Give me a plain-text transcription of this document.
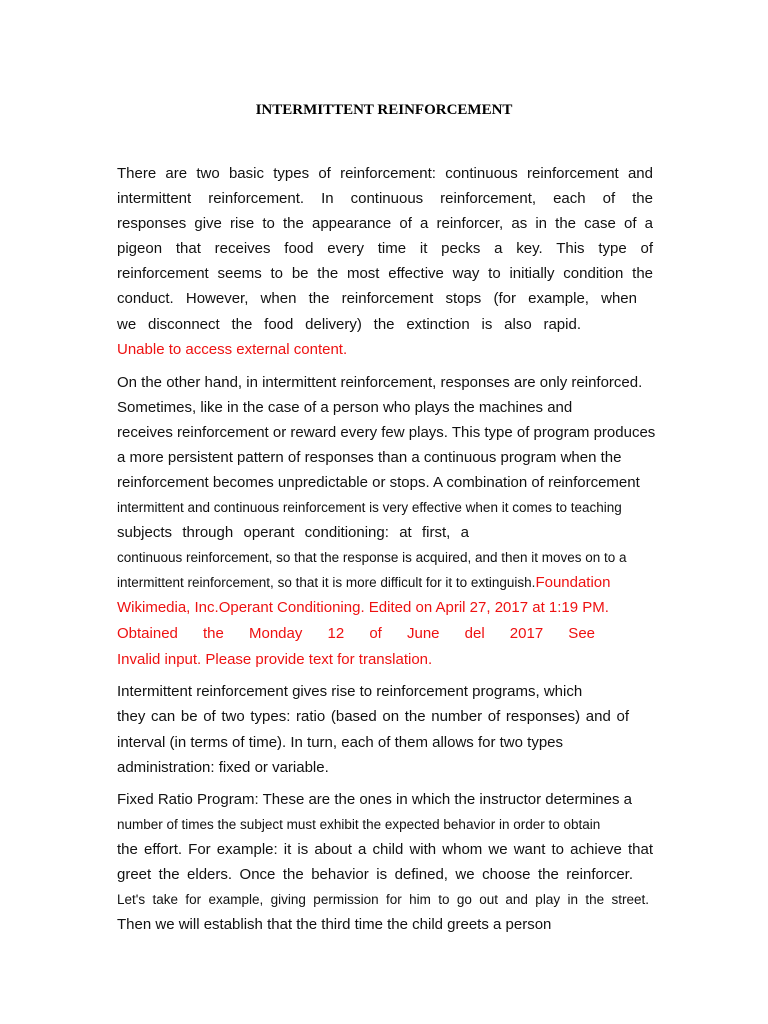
INTERMITTENT REINFORCEMENT

There are two basic types of reinforcement: continuous reinforcement and

intermittent reinforcement. In continuous reinforcement, each of the

responses give rise to the appearance of a reinforcer, as in the case of a

pigeon that receives food every time it pecks a key. This type of

reinforcement seems to be the most effective way to initially condition the

conduct. However, when the reinforcement stops (for example, when

we disconnect the food delivery) the extinction is also rapid.

Unable to access external content.

On the other hand, in intermittent reinforcement, responses are only reinforced.

Sometimes, like in the case of a person who plays the machines and

receives reinforcement or reward every few plays. This type of program produces

a more persistent pattern of responses than a continuous program when the

reinforcement becomes unpredictable or stops. A combination of reinforcement

intermittent and continuous reinforcement is very effective when it comes to teaching

subjects through operant conditioning: at first, a

continuous reinforcement, so that the response is acquired, and then it moves on to a

intermittent reinforcement, so that it is more difficult for it to extinguish.Foundation

Wikimedia, Inc.Operant Conditioning. Edited on April 27, 2017 at 1:19 PM.

Obtained the Monday 12 of June del 2017 See

Invalid input. Please provide text for translation.

Intermittent reinforcement gives rise to reinforcement programs, which

they can be of two types: ratio (based on the number of responses) and of

interval (in terms of time). In turn, each of them allows for two types

administration: fixed or variable.

Fixed Ratio Program: These are the ones in which the instructor determines a

number of times the subject must exhibit the expected behavior in order to obtain

the effort. For example: it is about a child with whom we want to achieve that

greet the elders. Once the behavior is defined, we choose the reinforcer.

Let's take for example, giving permission for him to go out and play in the street.

Then we will establish that the third time the child greets a person
